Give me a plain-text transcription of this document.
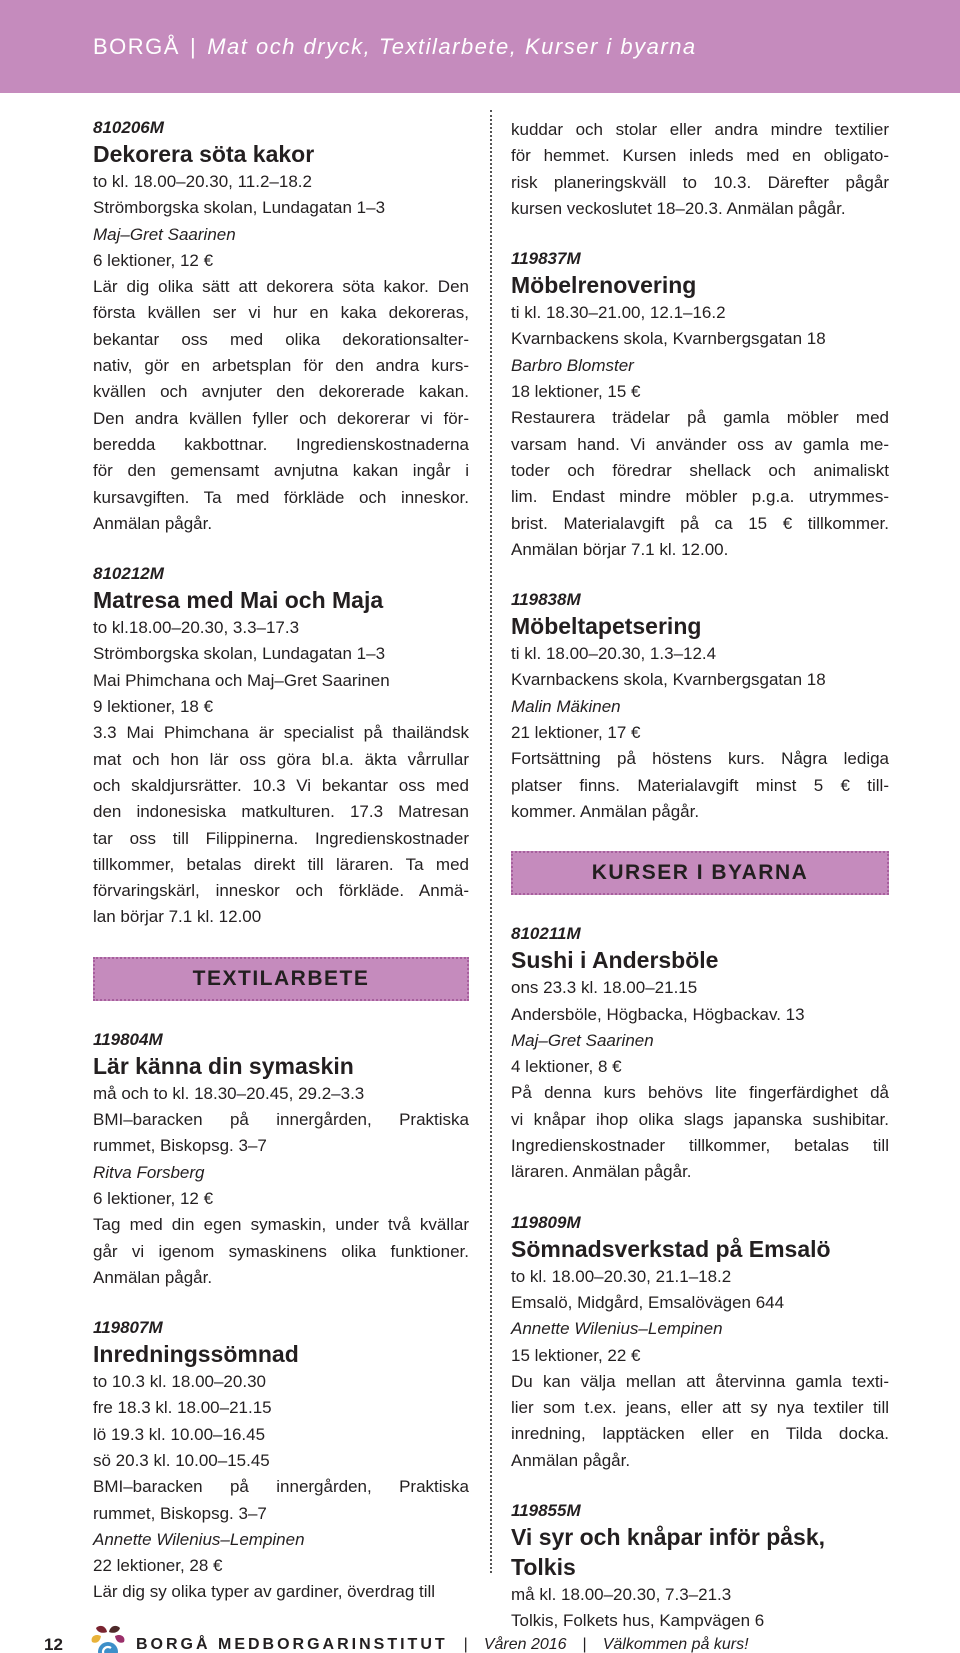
BORGÅ | Mat och dryck, Textilarbete, Kurser i byarna
810206M
Dekorera söta kakor
to kl. 18.00–20.30, 11.2–18.2
Strömborgska skolan, Lundagatan 1–3
Maj–Gret Saarinen
6 lektioner, 12 €
Lär dig olika sätt att dekorera söta kakor. Den
första kvällen ser vi hur en kaka dekoreras,
bekantar oss med olika dekorationsalter-
nativ, gör en arbetsplan för den andra kurs-
kvällen och avnjuter den dekorerade kakan.
Den andra kvällen fyller och dekorerar vi för-
beredda kakbottnar. Ingredienskostnaderna
för den gemensamt avnjutna kakan ingår i
kursavgiften. Ta med förkläde och inneskor.
Anmälan pågår.
810212M
Matresa med Mai och Maja
to kl.18.00–20.30, 3.3–17.3
Strömborgska skolan, Lundagatan 1–3
Mai Phimchana och Maj–Gret Saarinen
9 lektioner, 18 €
3.3 Mai Phimchana är specialist på thailändsk
mat och hon lär oss göra bl.a. äkta vårrullar
och skaldjursrätter. 10.3 Vi bekantar oss med
den indonesiska matkulturen. 17.3 Matresan
tar oss till Filippinerna. Ingredienskostnader
tillkommer, betalas direkt till läraren. Ta med
förvaringskärl, inneskor och förkläde. Anmä-
lan börjar 7.1 kl. 12.00
TEXTILARBETE
119804M
Lär känna din symaskin
må och to kl. 18.30–20.45, 29.2–3.3
BMI–baracken på innergården, Praktiska
rummet, Biskopsg. 3–7
Ritva Forsberg
6 lektioner, 12 €
Tag med din egen symaskin, under två kvällar
går vi igenom symaskinens olika funktioner.
Anmälan pågår.
119807M
Inredningssömnad
to 10.3 kl. 18.00–20.30
fre 18.3 kl. 18.00–21.15
lö 19.3 kl. 10.00–16.45
sö 20.3 kl. 10.00–15.45
BMI–baracken på innergården, Praktiska
rummet, Biskopsg. 3–7
Annette Wilenius–Lempinen
22 lektioner, 28 €
Lär dig sy olika typer av gardiner, överdrag till
kuddar och stolar eller andra mindre textilier
för hemmet. Kursen inleds med en obligato-
risk planeringskväll to 10.3. Därefter pågår
kursen veckoslutet 18–20.3. Anmälan pågår.
119837M
Möbelrenovering
ti kl. 18.30–21.00, 12.1–16.2
Kvarnbackens skola, Kvarnbergsgatan 18
Barbro Blomster
18 lektioner, 15 €
Restaurera trädelar på gamla möbler med
varsam hand. Vi använder oss av gamla me-
toder och föredrar shellack och animaliskt
lim. Endast mindre möbler p.g.a. utrymmes-
brist. Materialavgift på ca 15 € tillkommer.
Anmälan börjar 7.1 kl. 12.00.
119838M
Möbeltapetsering
ti kl. 18.00–20.30, 1.3–12.4
Kvarnbackens skola, Kvarnbergsgatan 18
Malin Mäkinen
21 lektioner, 17 €
Fortsättning på höstens kurs. Några lediga
platser finns. Materialavgift minst 5 € till-
kommer. Anmälan pågår.
KURSER I BYARNA
810211M
Sushi i Andersböle
ons 23.3 kl. 18.00–21.15
Andersböle, Högbacka, Högbackav. 13
Maj–Gret Saarinen
4 lektioner, 8 €
På denna kurs behövs lite fingerfärdighet då
vi knåpar ihop olika slags japanska sushibitar.
Ingredienskostnader tillkommer, betalas till
läraren. Anmälan pågår.
119809M
Sömnadsverkstad på Emsalö
to kl. 18.00–20.30, 21.1–18.2
Emsalö, Midgård, Emsalövägen 644
Annette Wilenius–Lempinen
15 lektioner, 22 €
Du kan välja mellan att återvinna gamla texti-
lier som t.ex. jeans, eller att sy nya textiler till
inredning, lapptäcken eller en Tilda docka.
Anmälan pågår.
119855M
Vi syr och knåpar inför påsk, Tolkis
må kl. 18.00–20.30, 7.3–21.3
Tolkis, Folkets hus, Kampvägen 6
12	BORGÅ MEDBORGARINSTITUT | Våren 2016 | Välkommen på kurs!
